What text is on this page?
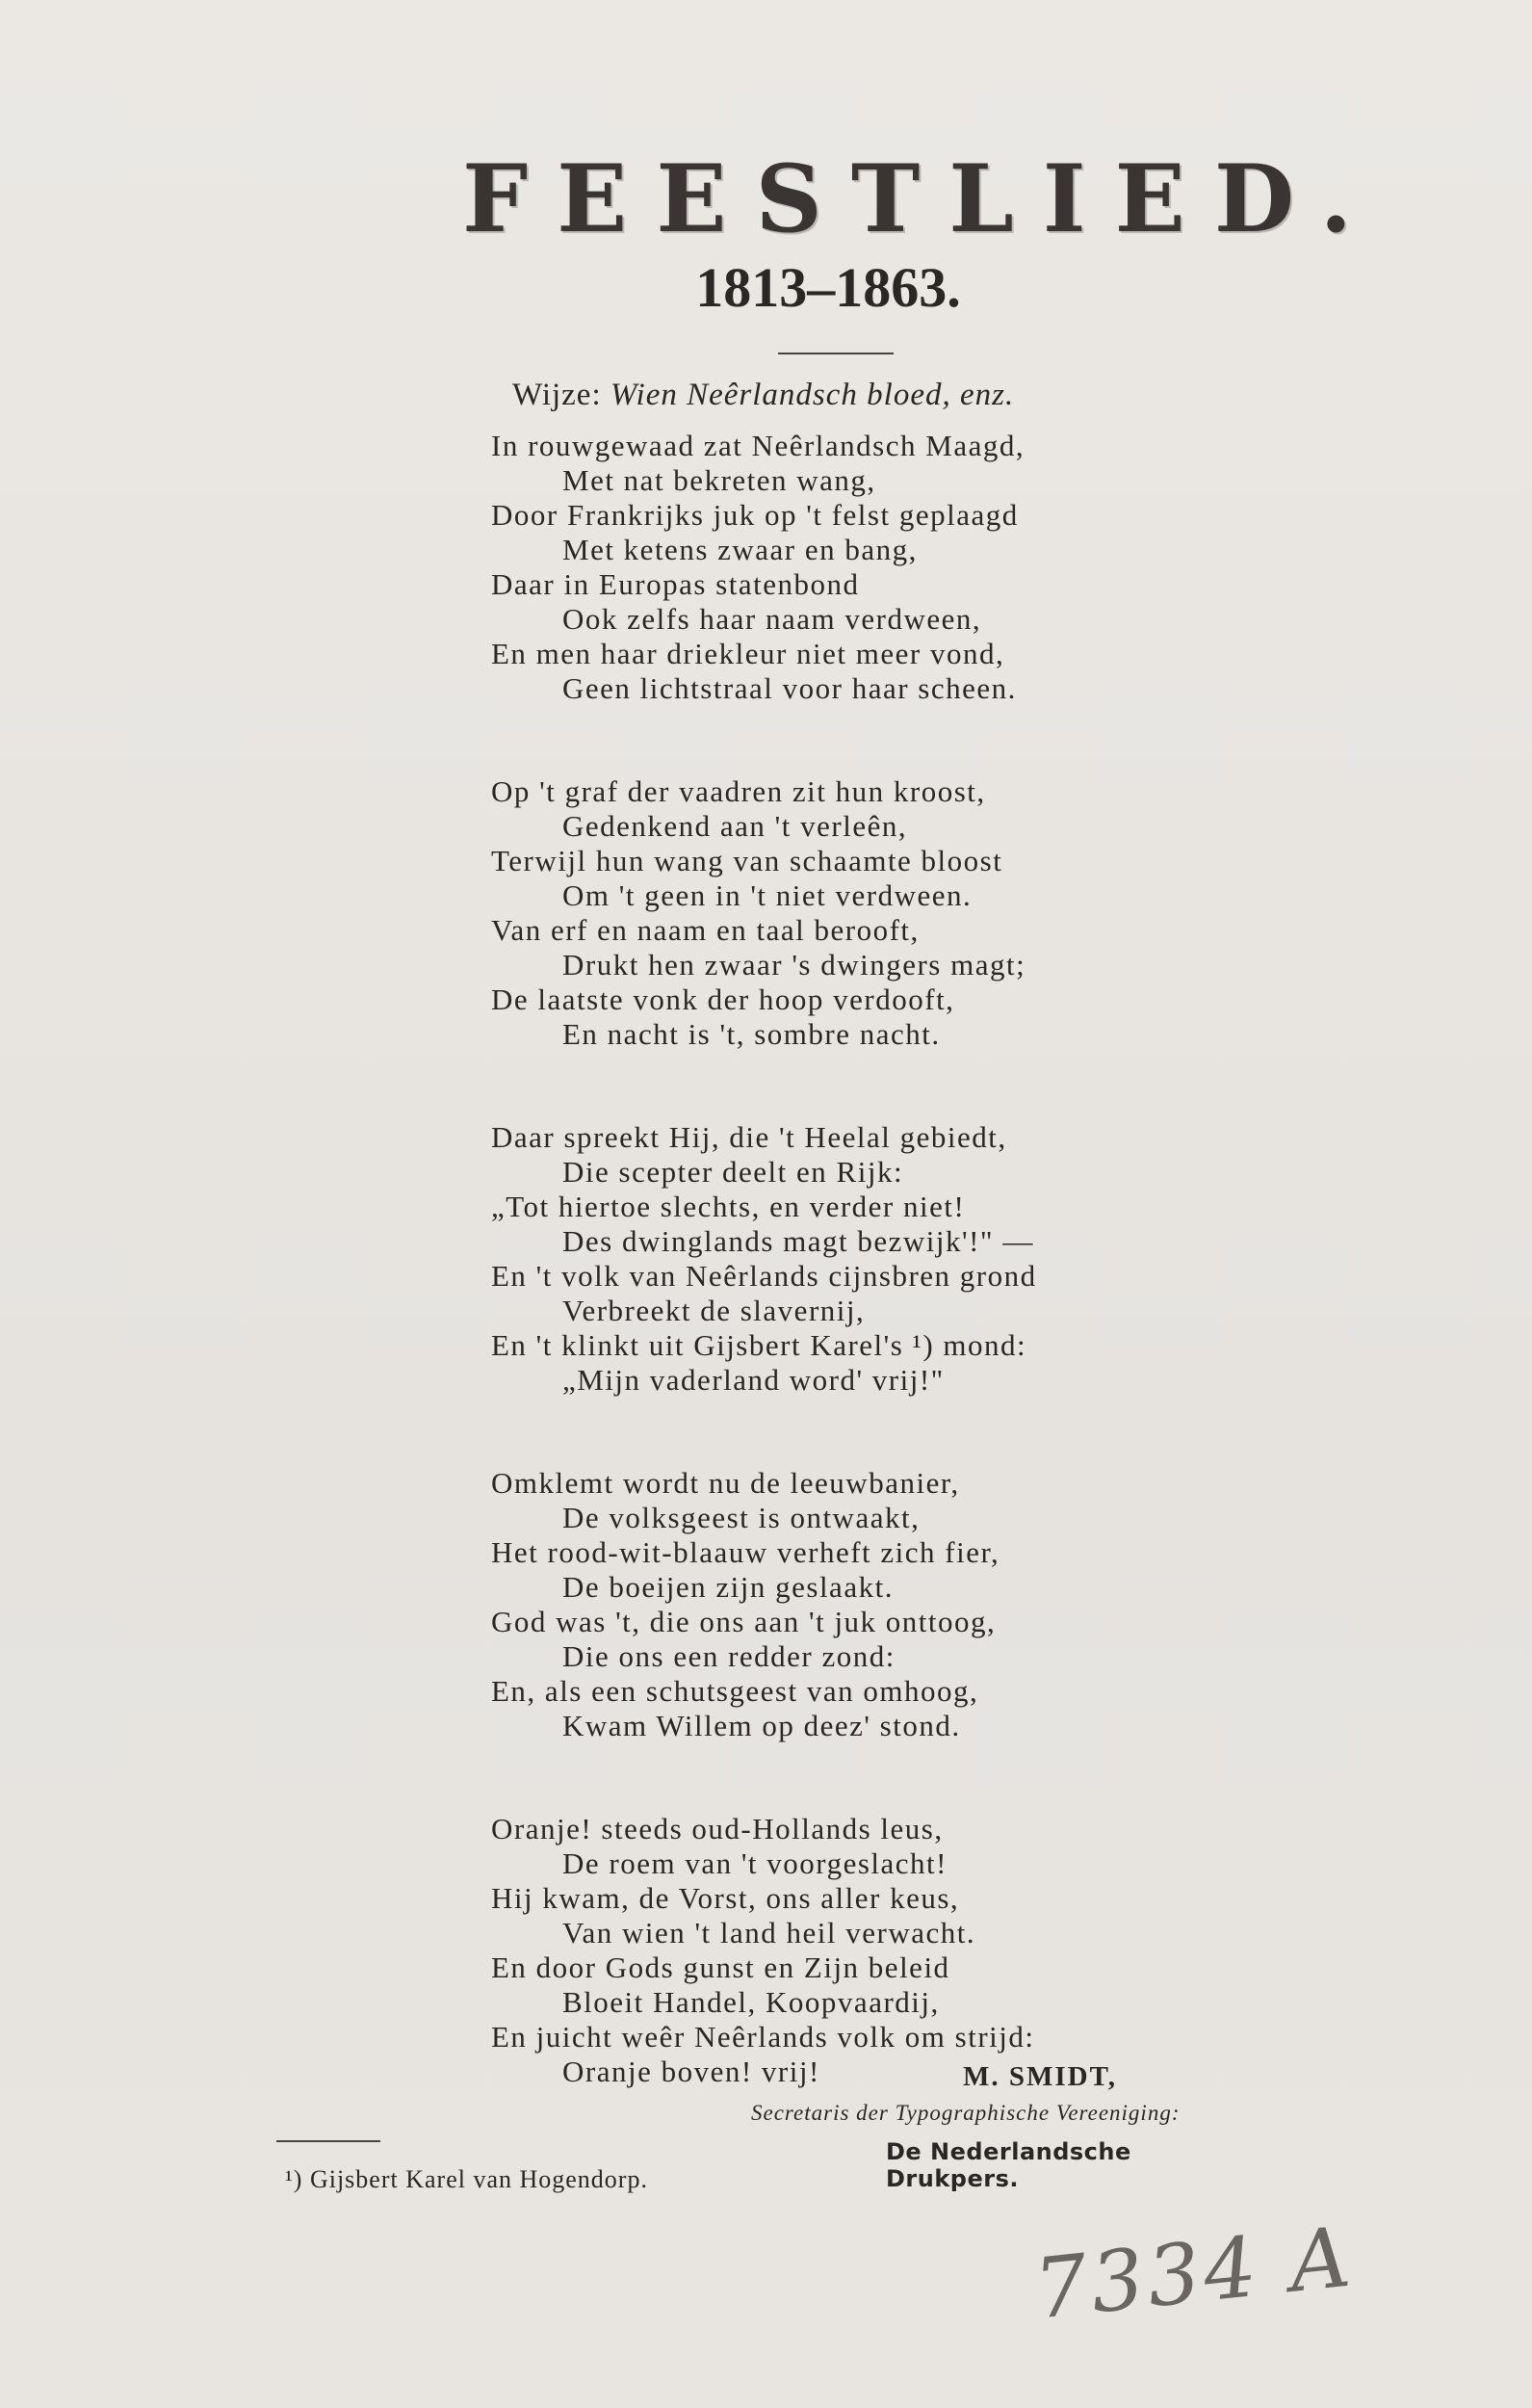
FEESTLIED.
1813–1863.
Wijze: Wien Neêrlandsch bloed, enz.
In rouwgewaad zat Neêrlandsch Maagd,
Met nat bekreten wang,
Door Frankrijks juk op 't felst geplaagd
Met ketens zwaar en bang,
Daar in Europas statenbond
Ook zelfs haar naam verdween,
En men haar driekleur niet meer vond,
Geen lichtstraal voor haar scheen.
Op 't graf der vaadren zit hun kroost,
Gedenkend aan 't verleên,
Terwijl hun wang van schaamte bloost
Om 't geen in 't niet verdween.
Van erf en naam en taal berooft,
Drukt hen zwaar 's dwingers magt;
De laatste vonk der hoop verdooft,
En nacht is 't, sombre nacht.
Daar spreekt Hij, die 't Heelal gebiedt,
Die scepter deelt en Rijk:
„Tot hiertoe slechts, en verder niet!
Des dwinglands magt bezwijk'!" —
En 't volk van Neêrlands cijnsbren grond
Verbreekt de slavernij,
En 't klinkt uit Gijsbert Karel's ¹) mond:
„Mijn vaderland word' vrij!"
Omklemt wordt nu de leeuwbanier,
De volksgeest is ontwaakt,
Het rood-wit-blaauw verheft zich fier,
De boeijen zijn geslaakt.
God was 't, die ons aan 't juk onttoog,
Die ons een redder zond:
En, als een schutsgeest van omhoog,
Kwam Willem op deez' stond.
Oranje! steeds oud-Hollands leus,
De roem van 't voorgeslacht!
Hij kwam, de Vorst, ons aller keus,
Van wien 't land heil verwacht.
En door Gods gunst en Zijn beleid
Bloeit Handel, Koopvaardij,
En juicht weêr Neêrlands volk om strijd:
Oranje boven! vrij!	M. SMIDT,
Secretaris der Typographische Vereeniging:
De Nederlandsche Drukpers.
¹) Gijsbert Karel van Hogendorp.
7334 A
